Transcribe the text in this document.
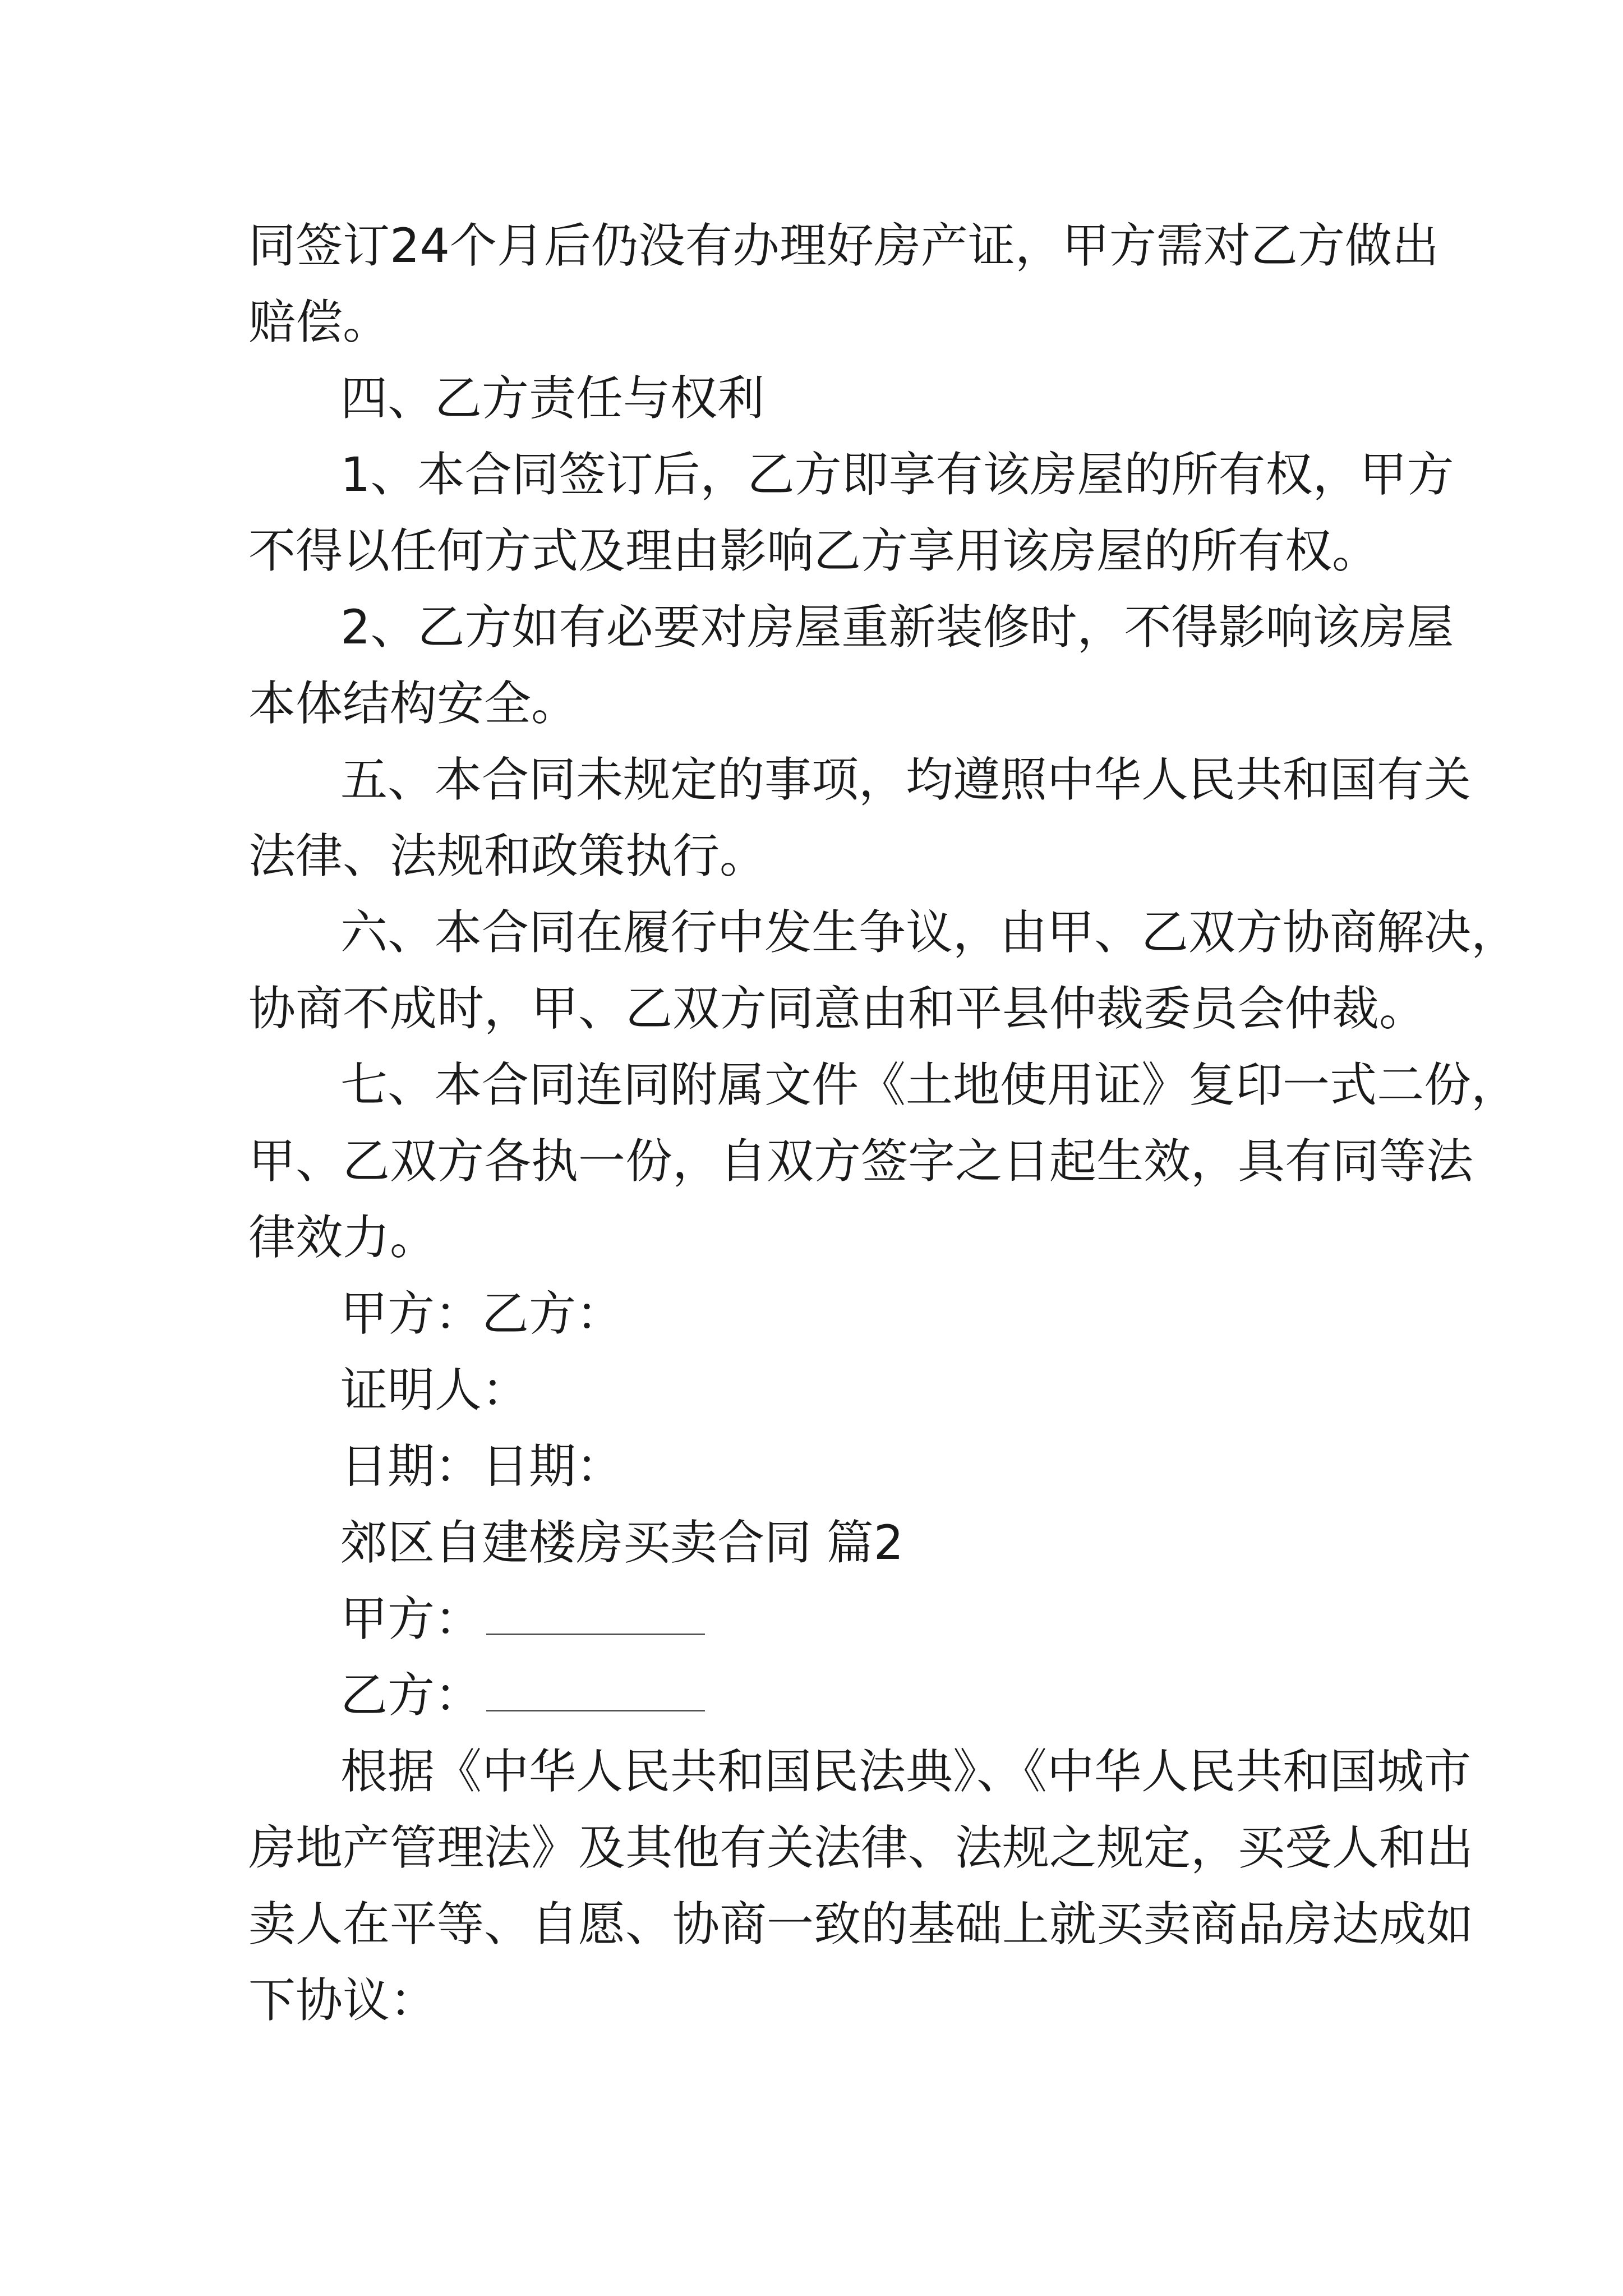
同签订24个月后仍没有办理好房产证，甲方需对乙方做出

赔偿。

四、乙方责任与权利

1、本合同签订后，乙方即享有该房屋的所有权，甲方

不得以任何方式及理由影响乙方享用该房屋的所有权。

2、乙方如有必要对房屋重新装修时，不得影响该房屋

本体结构安全。

五、本合同未规定的事项，均遵照中华人民共和国有关

法律、法规和政策执行。

六、本合同在履行中发生争议，由甲、乙双方协商解决，

协商不成时，甲、乙双方同意由和平县仲裁委员会仲裁。

七、本合同连同附属文件《土地使用证》复印一式二份，

甲、乙双方各执一份，自双方签字之日起生效，具有同等法

律效力。

甲方：乙方：

证明人：

日期：日期：

郊区自建楼房买卖合同 篇2

甲方：

乙方：

根据《中华人民共和国民法典》、《中华人民共和国城市

房地产管理法》及其他有关法律、法规之规定，买受人和出

卖人在平等、自愿、协商一致的基础上就买卖商品房达成如

下协议：
